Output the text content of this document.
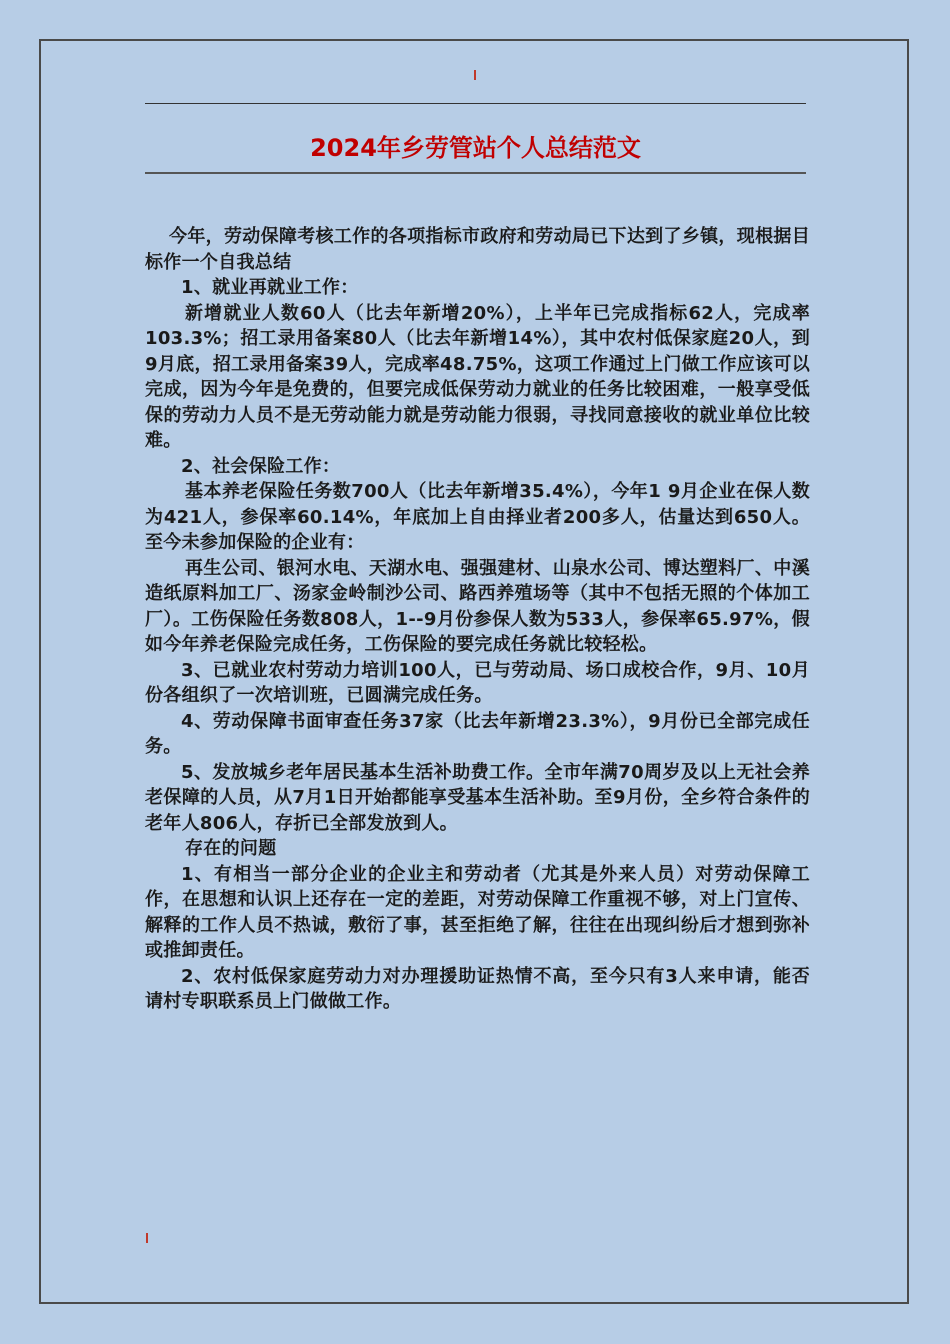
2024年乡劳管站个人总结范文

今年，劳动保障考核工作的各项指标市政府和劳动局已下达到了乡镇，现根据目标作一个自我总结

1、就业再就业工作：

新增就业人数60人（比去年新增20%），上半年已完成指标62人，完成率103.3%；招工录用备案80人（比去年新增14%），其中农村低保家庭20人，到9月底，招工录用备案39人，完成率48.75%，这项工作通过上门做工作应该可以完成，因为今年是免费的，但要完成低保劳动力就业的任务比较困难，一般享受低保的劳动力人员不是无劳动能力就是劳动能力很弱，寻找同意接收的就业单位比较难。

2、社会保险工作：

基本养老保险任务数700人（比去年新增35.4%），今年1 9月企业在保人数为421人，参保率60.14%，年底加上自由择业者200多人，估量达到650人。至今未参加保险的企业有：

再生公司、银河水电、天湖水电、强强建材、山泉水公司、博达塑料厂、中溪造纸原料加工厂、汤家金岭制沙公司、路西养殖场等（其中不包括无照的个体加工厂）。工伤保险任务数808人，1--9月份参保人数为533人，参保率65.97%，假如今年养老保险完成任务，工伤保险的要完成任务就比较轻松。

3、已就业农村劳动力培训100人，已与劳动局、场口成校合作，9月、10月份各组织了一次培训班，已圆满完成任务。

4、劳动保障书面审查任务37家（比去年新增23.3%），9月份已全部完成任务。

5、发放城乡老年居民基本生活补助费工作。全市年满70周岁及以上无社会养老保障的人员，从7月1日开始都能享受基本生活补助。至9月份，全乡符合条件的老年人806人，存折已全部发放到人。

存在的问题

1、有相当一部分企业的企业主和劳动者（尤其是外来人员）对劳动保障工作，在思想和认识上还存在一定的差距，对劳动保障工作重视不够，对上门宣传、解释的工作人员不热诚，敷衍了事，甚至拒绝了解，往往在出现纠纷后才想到弥补或推卸责任。

2、农村低保家庭劳动力对办理援助证热情不高，至今只有3人来申请，能否请村专职联系员上门做做工作。
